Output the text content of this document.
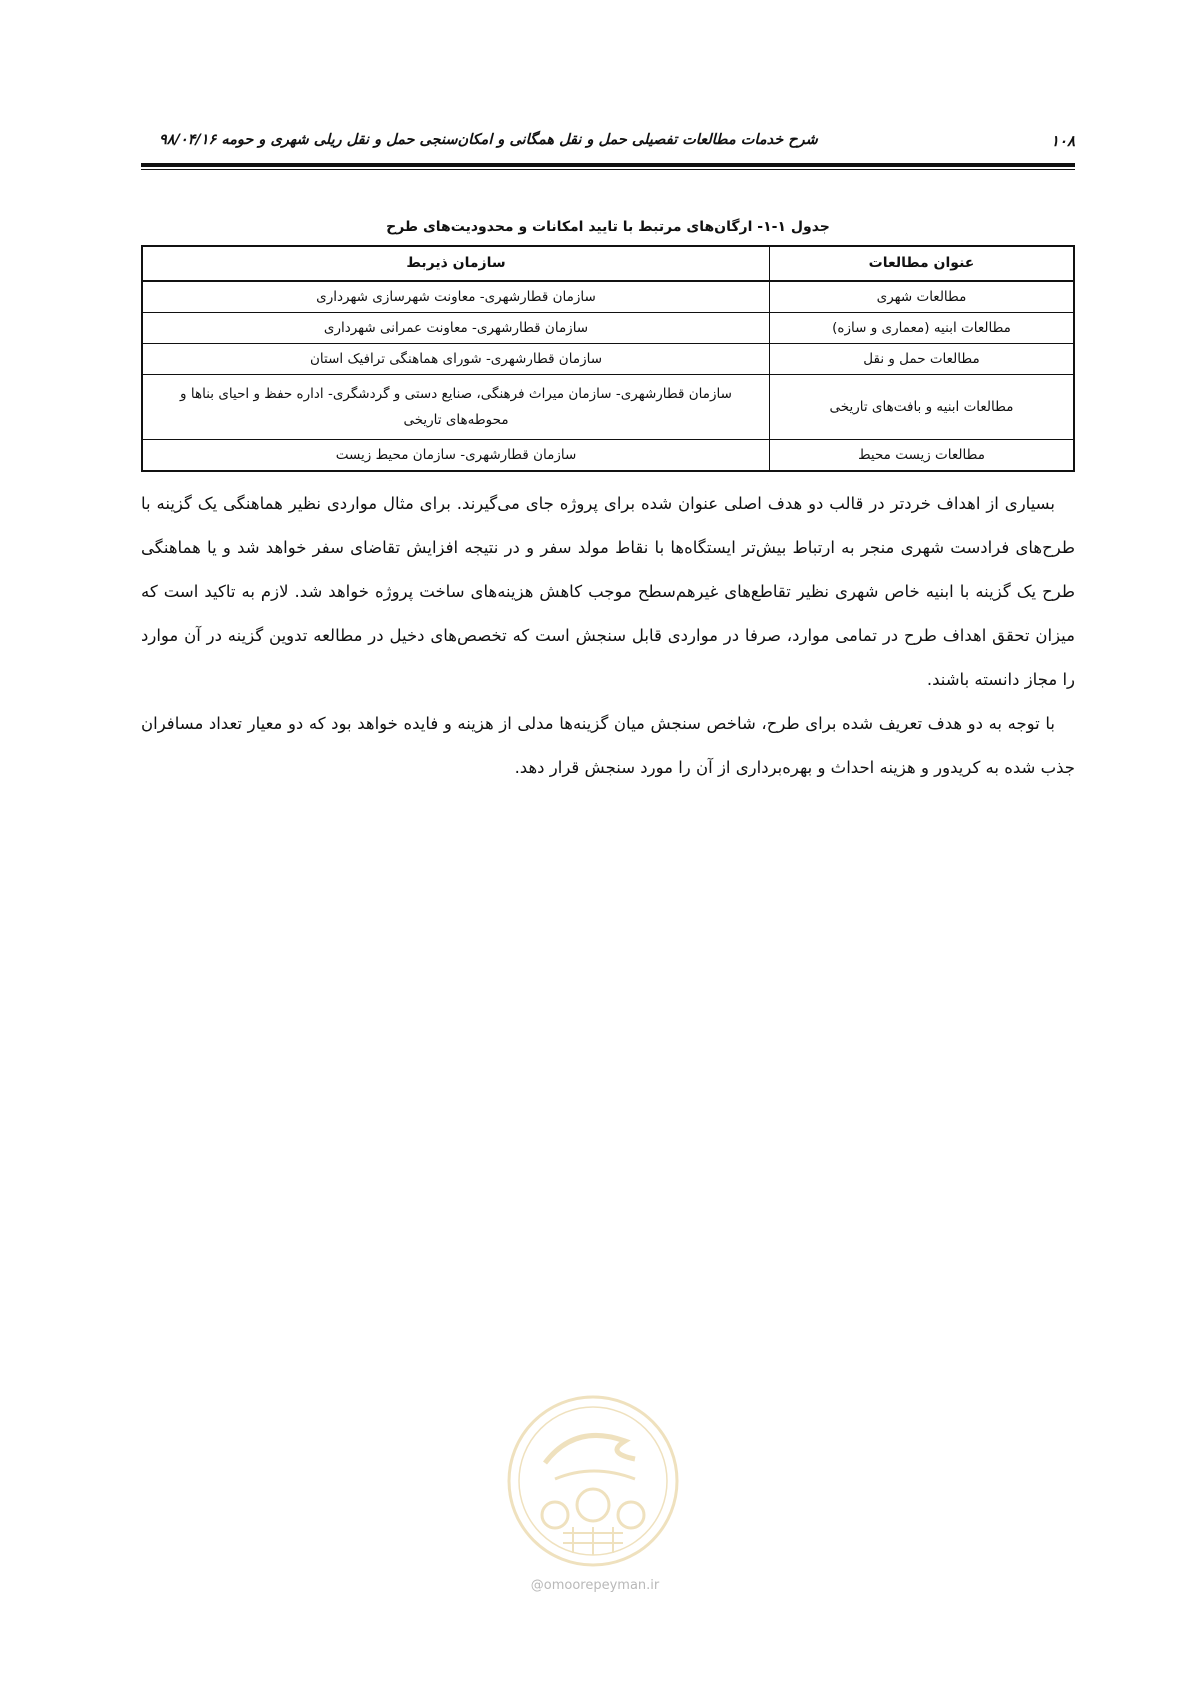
۱۰۸
شرح خدمات مطالعات تفصیلی حمل و نقل همگانی و امکان‌سنجی حمل و نقل ریلی شهری و حومه ۹۸/۰۴/۱۶
جدول ۱-۱- ارگان‌های مرتبط با تایید امکانات و محدودیت‌های طرح
عنوان مطالعات	سازمان ذیربط
مطالعات شهری	سازمان قطارشهری- معاونت شهرسازی شهرداری
مطالعات ابنیه (معماری و سازه)	سازمان قطارشهری- معاونت عمرانی شهرداری
مطالعات حمل و نقل	سازمان قطارشهری- شورای هماهنگی ترافیک استان
مطالعات ابنیه و بافت‌های تاریخی	سازمان قطارشهری- سازمان میراث فرهنگی، صنایع دستی و گردشگری- اداره حفظ و احیای بناها و محوطه‌های تاریخی
مطالعات زیست محیط	سازمان قطارشهری- سازمان محیط زیست

بسیاری از اهداف خردتر در قالب دو هدف اصلی عنوان شده برای پروژه جای می‌گیرند. برای مثال مواردی نظیر هماهنگی یک گزینه با طرح‌های فرادست شهری منجر به ارتباط بیش‌تر ایستگاه‌ها با نقاط مولد سفر و در نتیجه افزایش تقاضای سفر خواهد شد و یا هماهنگی طرح یک گزینه با ابنیه خاص شهری نظیر تقاطع‌های غیرهم‌سطح موجب کاهش هزینه‌های ساخت پروژه خواهد شد. لازم به تاکید است که میزان تحقق اهداف طرح در تمامی موارد، صرفا در مواردی قابل سنجش است که تخصص‌های دخیل در مطالعه تدوین گزینه در آن موارد را مجاز دانسته باشند.

با توجه به دو هدف تعریف شده برای طرح، شاخص سنجش میان گزینه‌ها مدلی از هزینه و فایده خواهد بود که دو معیار تعداد مسافران جذب شده به کریدور و هزینه احداث و بهره‌برداری از آن را مورد سنجش قرار دهد.

@omoorepeyman.ir
